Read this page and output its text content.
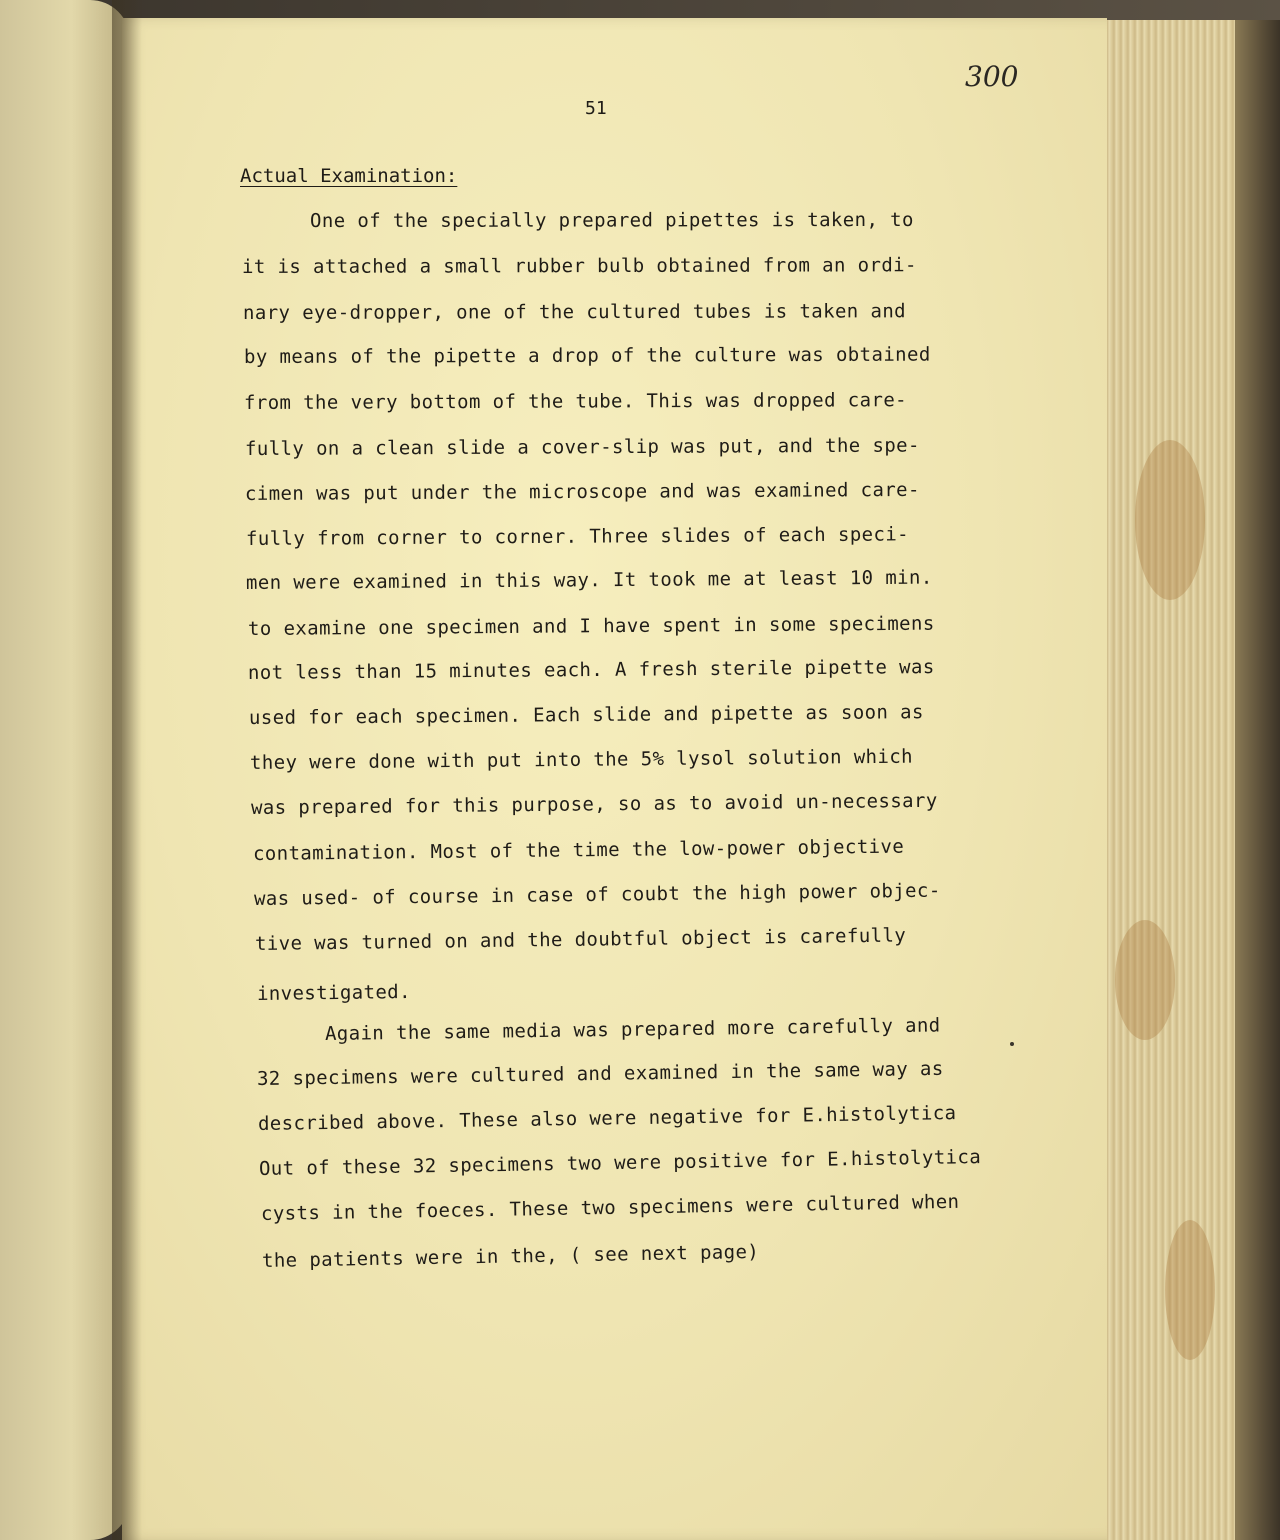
300
51
Actual Examination:
One of the specially prepared pipettes is taken, to
it is attached a small rubber bulb obtained from an ordi-
nary eye-dropper, one of the cultured tubes is taken and
by means of the pipette a drop of the culture was obtained
from the very bottom of the tube. This was dropped care-
fully on a clean slide a cover-slip was put, and the spe-
cimen was put under the microscope and was examined care-
fully from corner to corner. Three slides of each speci-
men were examined in this way. It took me at least 10 min.
to examine one specimen and I have spent in some specimens
not less than 15 minutes each. A fresh sterile pipette was
used for each specimen. Each slide and pipette as soon as
they were done with put into the 5% lysol solution which
was prepared for this purpose, so as to avoid un-necessary
contamination. Most of the time the low-power objective
was used- of course in case of coubt the high power objec-
tive was turned on and the doubtful object is carefully
investigated.
Again the same media was prepared more carefully and
32 specimens were cultured and examined in the same way as
described above. These also were negative for E.histolytica
Out of these 32 specimens two were positive for E.histolytica
cysts in the foeces. These two specimens were cultured when
the patients were in the, ( see next page)
